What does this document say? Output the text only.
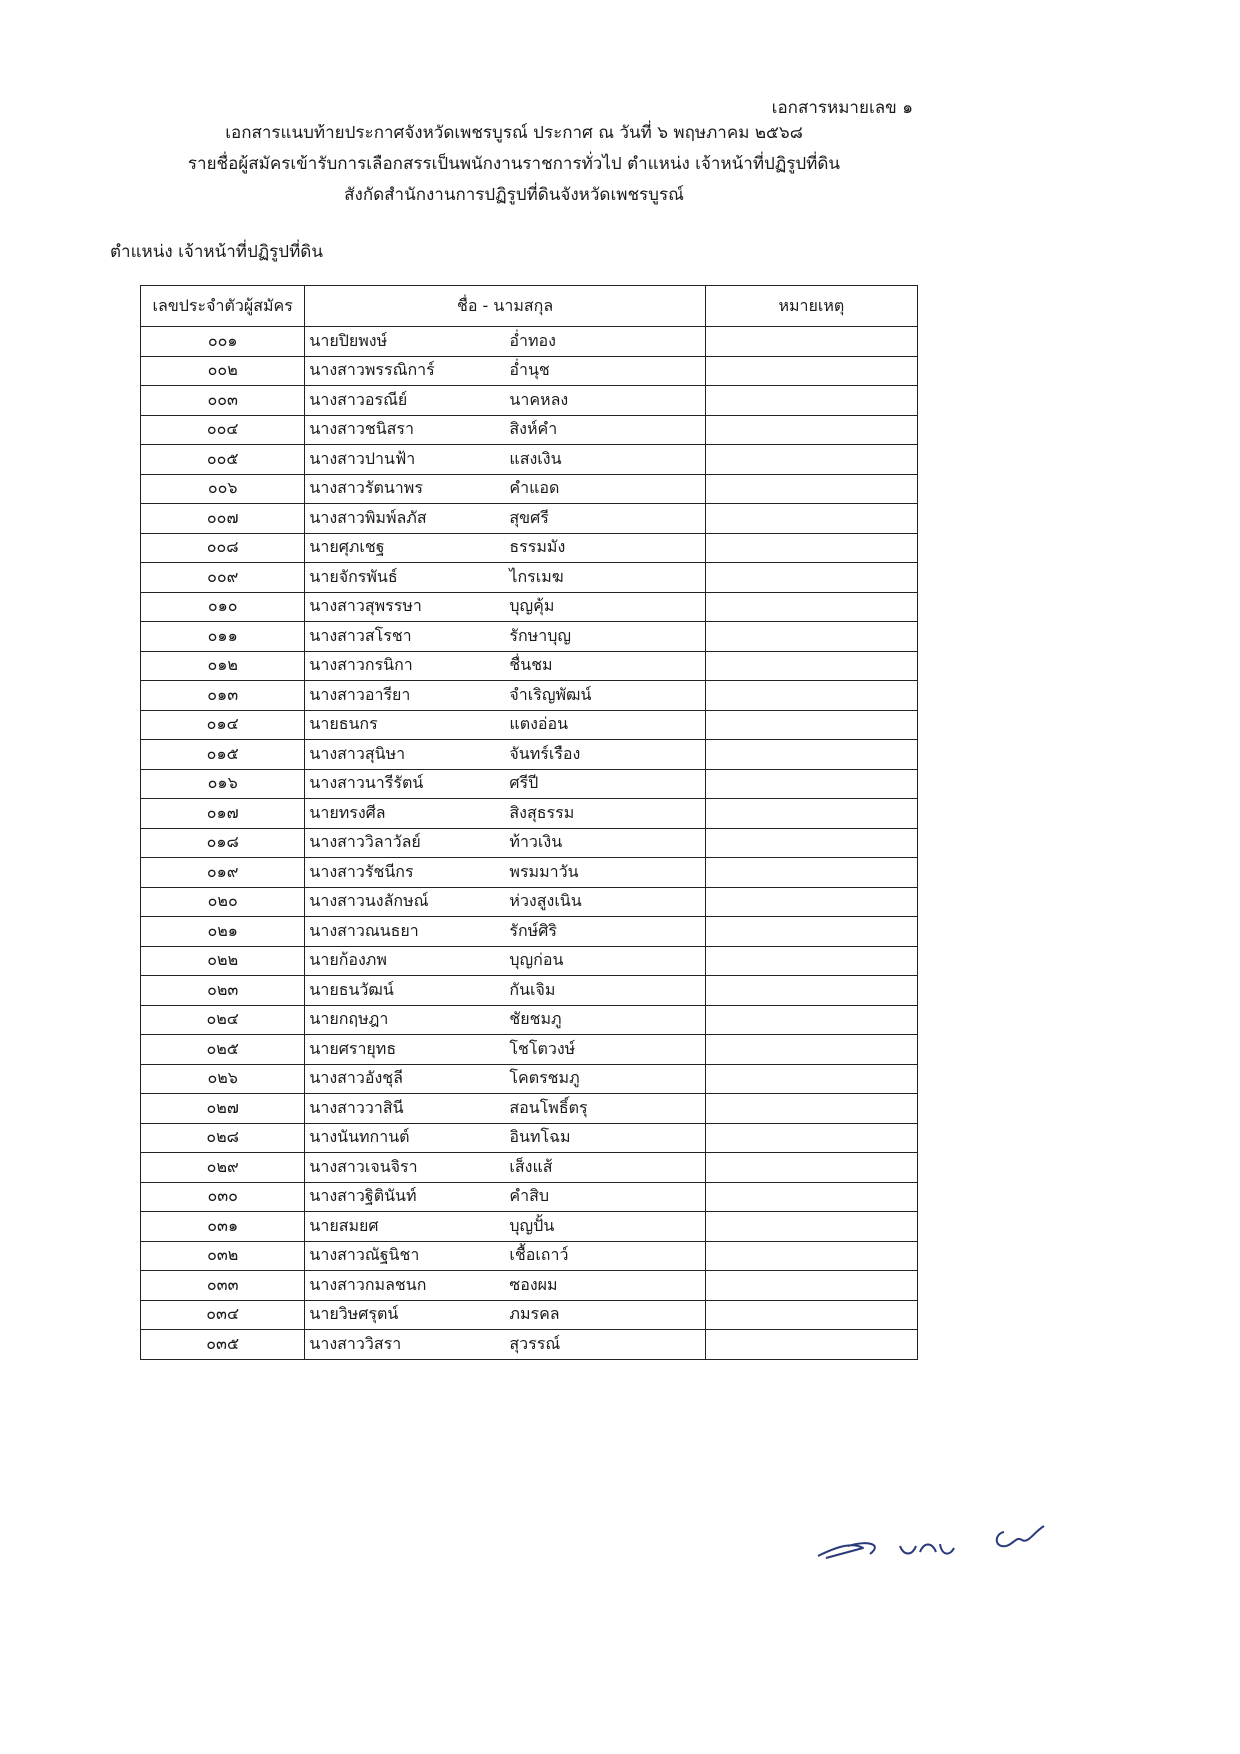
เอกสารหมายเลข ๑
เอกสารแนบท้ายประกาศจังหวัดเพชรบูรณ์ ประกาศ ณ วันที่ ๖ พฤษภาคม ๒๕๖๘
รายชื่อผู้สมัครเข้ารับการเลือกสรรเป็นพนักงานราชการทั่วไป ตำแหน่ง เจ้าหน้าที่ปฏิรูปที่ดิน
สังกัดสำนักงานการปฏิรูปที่ดินจังหวัดเพชรบูรณ์
ตำแหน่ง เจ้าหน้าที่ปฏิรูปที่ดิน
เลขประจำตัวผู้สมัคร	ชื่อ - นามสกุล	หมายเหตุ
๐๐๑	นายปิยพงษ์ อ่ำทอง	

๐๐๒	นางสาวพรรณิการ์ อ่ำนุช	

๐๐๓	นางสาวอรณีย์ นาคหลง	

๐๐๔	นางสาวชนิสรา สิงห์คำ	

๐๐๕	นางสาวปานฟ้า แสงเงิน	

๐๐๖	นางสาวรัตนาพร คำแอด	

๐๐๗	นางสาวพิมพ์ลภัส สุขศรี	

๐๐๘	นายศุภเชฐ ธรรมมัง	

๐๐๙	นายจักรพันธ์ ไกรเมฆ	

๐๑๐	นางสาวสุพรรษา บุญคุ้ม	

๐๑๑	นางสาวสโรชา รักษาบุญ	

๐๑๒	นางสาวกรนิกา ชื่นชม	

๐๑๓	นางสาวอารียา จำเริญพัฒน์	

๐๑๔	นายธนกร แตงอ่อน	

๐๑๕	นางสาวสุนิษา จันทร์เรือง	

๐๑๖	นางสาวนารีรัตน์ ศรีปี	

๐๑๗	นายทรงศีล สิงสุธรรม	

๐๑๘	นางสาววิลาวัลย์ ท้าวเงิน	

๐๑๙	นางสาวรัชนีกร พรมมาวัน	

๐๒๐	นางสาวนงลักษณ์ ห่วงสูงเนิน	

๐๒๑	นางสาวณนธยา รักษ์ศิริ	

๐๒๒	นายก้องภพ บุญก่อน	

๐๒๓	นายธนวัฒน์ กันเจิม	

๐๒๔	นายกฤษฎา ชัยชมภู	

๐๒๕	นายศรายุทธ โชโตวงษ์	

๐๒๖	นางสาวอังชุลี โคตรชมภู	

๐๒๗	นางสาววาสินี สอนโพธิ์ตรุ	

๐๒๘	นางนันทกานต์ อินทโฉม	

๐๒๙	นางสาวเจนจิรา เส็งแส้	

๐๓๐	นางสาวฐิตินันท์ คำสิบ	

๐๓๑	นายสมยศ บุญปั้น	

๐๓๒	นางสาวณัฐนิชา เชื้อเถาว์	

๐๓๓	นางสาวกมลชนก ซองผม	

๐๓๔	นายวิษศรุตน์ ภมรคล	

๐๓๕	นางสาววิสรา สุวรรณ์	
